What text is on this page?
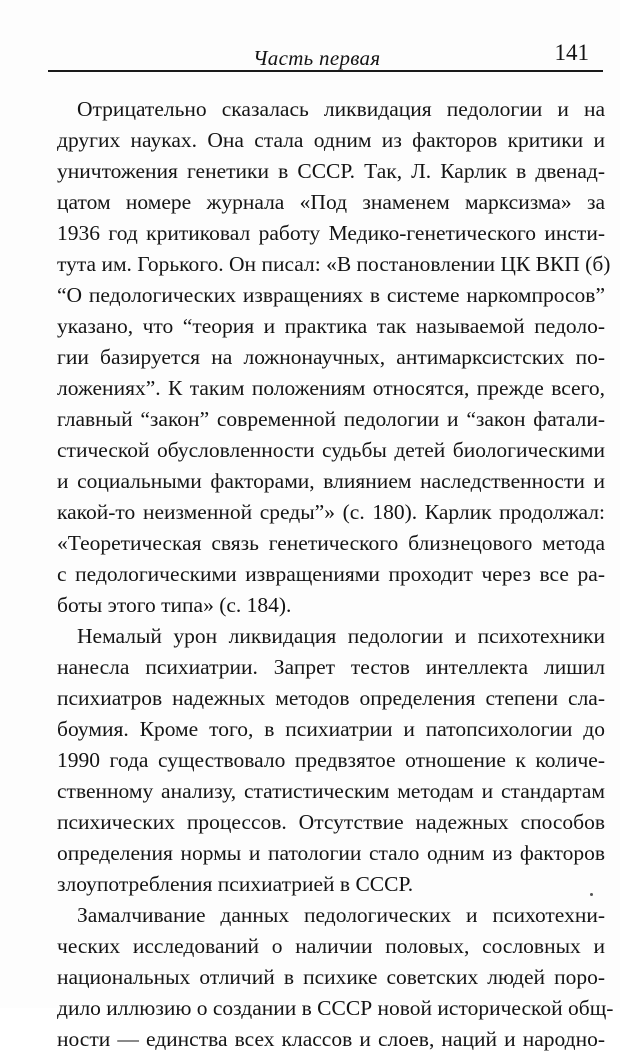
Часть первая	141
Отрицательно сказалась ликвидация педологии и на
других науках. Она стала одним из факторов критики и
уничтожения генетики в СССР. Так, Л. Карлик в двенад-
цатом номере журнала «Под знаменем марксизма» за
1936 год критиковал работу Медико-генетического инсти-
тута им. Горького. Он писал: «В постановлении ЦК ВКП (б)
“О педологических извращениях в системе наркомпросов”
указано, что “теория и практика так называемой педоло-
гии базируется на ложнонаучных, антимарксистских по-
ложениях”. К таким положениям относятся, прежде всего,
главный “закон” современной педологии и “закон фатали-
стической обусловленности судьбы детей биологическими
и социальными факторами, влиянием наследственности и
какой-то неизменной среды”» (с. 180). Карлик продолжал:
«Теоретическая связь генетического близнецового метода
с педологическими извращениями проходит через все ра-
боты этого типа» (с. 184).
Немалый урон ликвидация педологии и психотехники
нанесла психиатрии. Запрет тестов интеллекта лишил
психиатров надежных методов определения степени сла-
боумия. Кроме того, в психиатрии и патопсихологии до
1990 года существовало предвзятое отношение к количе-
ственному анализу, статистическим методам и стандартам
психических процессов. Отсутствие надежных способов
определения нормы и патологии стало одним из факторов
злоупотребления психиатрией в СССР.
Замалчивание данных педологических и психотехни-
ческих исследований о наличии половых, сословных и
национальных отличий в психике советских людей поро-
дило иллюзию о создании в СССР новой исторической общ-
ности — единства всех классов и слоев, наций и народно-
